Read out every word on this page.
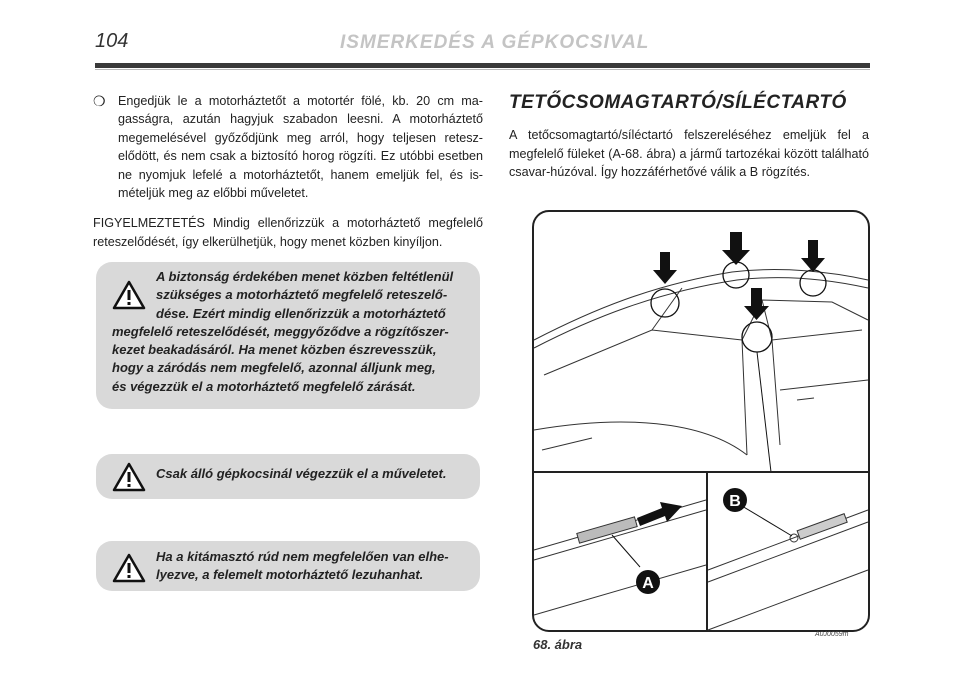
104	ISMERKEDÉS A GÉPKOCSIVAL
❍ Engedjük le a motorháztetőt a motortér fölé, kb. 20 cm ma-gasságra, azután hagyjuk szabadon leesni. A motorháztető megemelésével győződjünk meg arról, hogy teljesen retesz-elődött, és nem csak a biztosító horog rögzíti. Ez utóbbi esetben ne nyomjuk lefelé a motorháztetőt, hanem emeljük fel, és is-mételjük meg az előbbi műveletet.
FIGYELMEZTETÉS Mindig ellenőrizzük a motorháztető megfelelő reteszelődését, így elkerülhetjük, hogy menet közben kinyíljon.
A biztonság érdekében menet közben feltétlenül
szükséges a motorháztető megfelelő reteszelő-
dése. Ezért mindig ellenőrizzük a motorháztető
megfelelő reteszelődését, meggyőződve a rögzítőszer-
kezet beakadásáról. Ha menet közben észrevesszük,
hogy a záródás nem megfelelő, azonnal álljunk meg,
és végezzük el a motorháztető megfelelő zárását.
Csak álló gépkocsinál végezzük el a műveletet.
Ha a kitámasztó rúd nem megfelelően van elhe-
lyezve, a felemelt motorháztető lezuhanhat.
TETŐCSOMAGTARTÓ/SÍLÉCTARTÓ
A tetőcsomagtartó/síléctartó felszereléséhez emeljük fel a megfelelő füleket (A-68. ábra) a jármű tartozékai között található csavar-húzóval. Így hozzáférhetővé válik a B rögzítés.
A
B
A0J0059m
68. ábra
